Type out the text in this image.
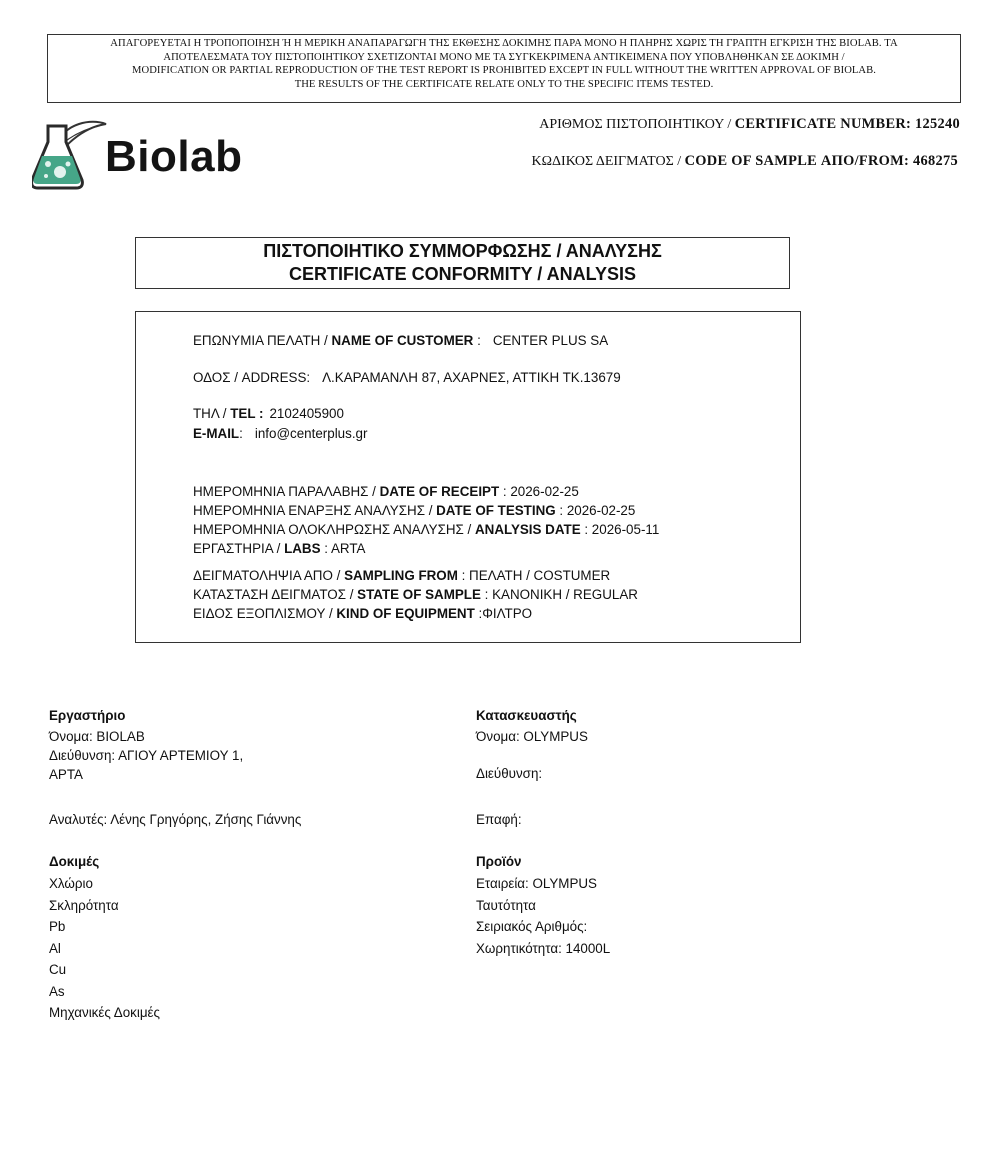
ΑΠΑΓΟΡΕΥΕΤΑΙ Η ΤΡΟΠΟΠΟΙΗΣΗ Ή Η ΜΕΡΙΚΗ ΑΝΑΠΑΡΑΓΩΓΗ ΤΗΣ ΕΚΘΕΣΗΣ ΔΟΚΙΜΗΣ ΠΑΡΑ ΜΟΝΟ Η ΠΛΗΡΗΣ ΧΩΡΙΣ ΤΗ ΓΡΑΠΤΗ ΕΓΚΡΙΣΗ ΤΗΣ BIOLAB. ΤΑ
ΑΠΟΤΕΛΕΣΜΑΤΑ ΤΟΥ ΠΙΣΤΟΠΟΙΗΤΙΚΟΥ ΣΧΕΤΙΖΟΝΤΑΙ ΜΟΝΟ ΜΕ ΤΑ ΣΥΓΚΕΚΡΙΜΕΝΑ ΑΝΤΙΚΕΙΜΕΝΑ ΠΟΥ ΥΠΟΒΛΗΘΗΚΑΝ ΣΕ ΔΟΚΙΜΗ /
MODIFICATION OR PARTIAL REPRODUCTION OF THE TEST REPORT IS PROHIBITED EXCEPT IN FULL WITHOUT THE WRITTEN APPROVAL OF BIOLAB.
THE RESULTS OF THE CERTIFICATE RELATE ONLY TO THE SPECIFIC ITEMS TESTED.
Biolab
ΑΡΙΘΜΟΣ ΠΙΣΤΟΠΟΙΗΤΙΚΟΥ / CERTIFICATE NUMBER: 125240
ΚΩΔΙΚΟΣ ΔΕΙΓΜΑΤΟΣ / CODE OF SAMPLE ΑΠΟ/FROM: 468275
ΠΙΣΤΟΠΟΙΗΤΙΚΟ ΣΥΜΜΟΡΦΩΣΗΣ / ΑΝΑΛΥΣΗΣ
CERTIFICATE CONFORMITY / ANALYSIS
ΕΠΩΝΥΜΙΑ ΠΕΛΑΤΗ / NAME OF CUSTOMER : CENTER PLUS SA
ΟΔΟΣ / ADDRESS: Λ.ΚΑΡΑΜΑΝΛΗ 87, ΑΧΑΡΝΕΣ, ΑΤΤΙΚΗ ΤΚ.13679
ΤΗΛ / TEL : 2102405900
E-MAIL: info@centerplus.gr
ΗΜΕΡΟΜΗΝΙΑ ΠΑΡΑΛΑΒΗΣ / DATE OF RECEIPT : 2026-02-25
ΗΜΕΡΟΜΗΝΙΑ ΕΝΑΡΞΗΣ ΑΝΑΛΥΣΗΣ / DATE OF TESTING : 2026-02-25
ΗΜΕΡΟΜΗΝΙΑ ΟΛΟΚΛΗΡΩΣΗΣ ΑΝΑΛΥΣΗΣ / ANALYSIS DATE : 2026-05-11
ΕΡΓΑΣΤΗΡΙΑ / LABS : ARTA
ΔΕΙΓΜΑΤΟΛΗΨΙΑ ΑΠΟ / SAMPLING FROM : ΠΕΛΑΤΗ / COSTUMER
ΚΑΤΑΣΤΑΣΗ ΔΕΙΓΜΑΤΟΣ / STATE OF SAMPLE : ΚΑΝΟΝΙΚΗ / REGULAR
ΕΙΔΟΣ ΕΞΟΠΛΙΣΜΟΥ / KIND OF EQUIPMENT :ΦΙΛΤΡΟ
Εργαστήριο
Όνομα: BIOLAB
Διεύθυνση: ΑΓΙΟΥ ΑΡΤΕΜΙΟΥ 1,
ΑΡΤΑ
Αναλυτές: Λένης Γρηγόρης, Ζήσης Γιάννης
Κατασκευαστής
Όνομα: OLYMPUS
Διεύθυνση:
Επαφή:
Δοκιμές
Χλώριο
Σκληρότητα
Pb
Al
Cu
As
Μηχανικές Δοκιμές
Προϊόν
Εταιρεία: OLYMPUS
Ταυτότητα
Σειριακός Αριθμός:
Χωρητικότητα: 14000L
